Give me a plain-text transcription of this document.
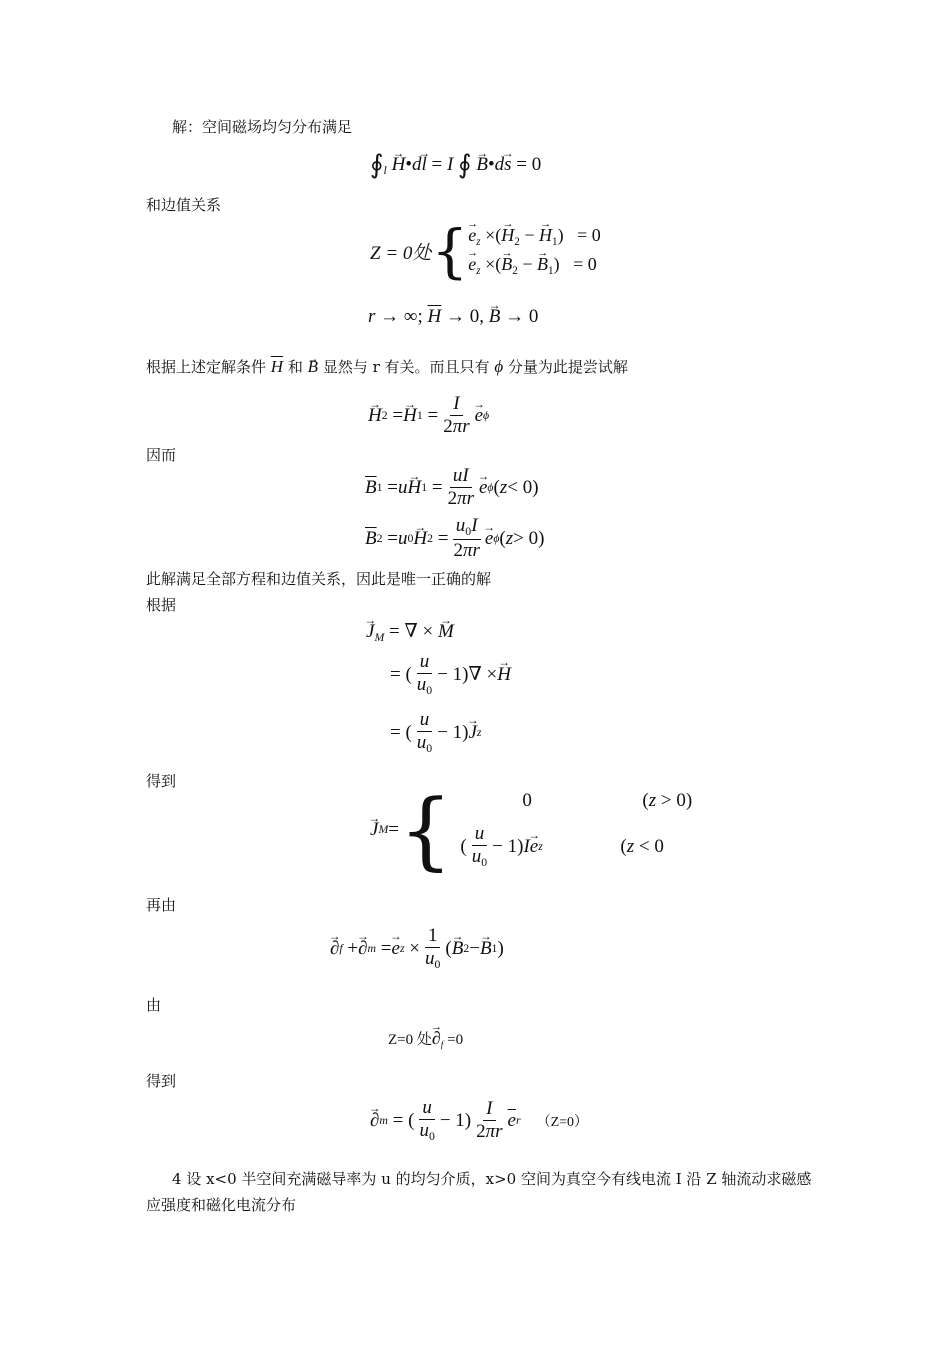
解：空间磁场均匀分布满足
$∮_l$ → H•d→ l = I ∮ → B•d→ s = 0
和边值关系
Z = 0处 { → $e_z$ ×(→ $H_2$ − → $H_1) = 0$
→ $e_z$ ×(→ $B_2$ − → $B_1) = 0$
r → ∞; $\overline{H} \to 0$, → B → 0
根据上述定解条件 $\overline{H}$ 和 → B 显然与 r 有关。而且只有 ϕ 分量为此提尝试解
→ H 2 = → H $1 = \frac{I}{2\pi r} \to e$ ϕ
因而
$\overline{B}$ 1 = u → H $1 = \frac{uI}{2\pi r} \to e$ ϕ ( z < 0)
$\overline{B}$ 2 = u 0 → H $2 = \frac{u_0I}{2\pi r} \to e$ ϕ ( z > 0)
此解满足全部方程和边值关系，因此是唯一正确的解
根据
→ $J_M$ = ∇ × → M
= ( $\frac{u}{u_0} - 1)\nabla$ × → H
= ( $\frac{u}{u_0} - 1) \to J$ z
得到
→ J M = {	0	(z > 0)
( $\frac{u}{u_0} - 1$) I → e z	(z < 0
再由
→ ∂ f + → ∂ m = → e $z \times \frac{1}{u_0}$ ( → B 2 − → B 1 )
由
Z=0 处→ $\partial_f =0$
得到
→ ∂ m = ( $\frac{u}{u_0} - 1) \frac{I}{2\pi r} \overline{e}$ r （Z=0）
4 设 x<0 半空间充满磁导率为 u 的均匀介质，x>0 空间为真空今有线电流 I 沿 Z 轴流动求磁感
应强度和磁化电流分布
